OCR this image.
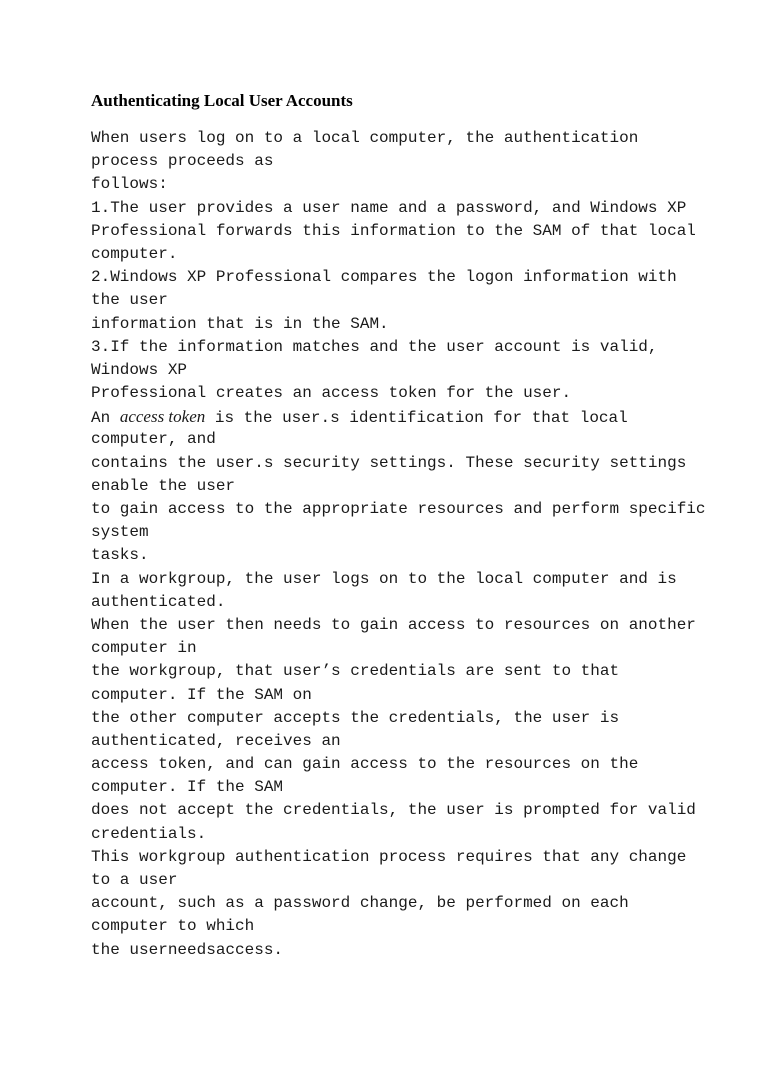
Authenticating Local User Accounts
When users log on to a local computer, the authentication
process proceeds as
follows:
1.The user provides a user name and a password, and Windows XP
Professional forwards this information to the SAM of that local
computer.
2.Windows XP Professional compares the logon information with
the user
information that is in the SAM.
3.If the information matches and the user account is valid,
Windows XP
Professional creates an access token for the user.
An access token is the user.s identification for that local
computer, and
contains the user.s security settings. These security settings
enable the user
to gain access to the appropriate resources and perform specific
system
tasks.
In a workgroup, the user logs on to the local computer and is
authenticated.
When the user then needs to gain access to resources on another
computer in
the workgroup, that user’s credentials are sent to that
computer. If the SAM on
the other computer accepts the credentials, the user is
authenticated, receives an
access token, and can gain access to the resources on the
computer. If the SAM
does not accept the credentials, the user is prompted for valid
credentials.
This workgroup authentication process requires that any change
to a user
account, such as a password change, be performed on each
computer to which
the userneedsaccess.
